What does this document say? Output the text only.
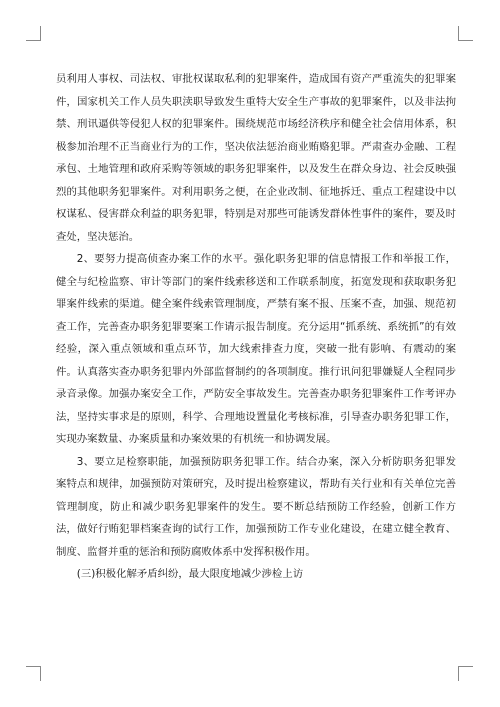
员利用人事权、司法权、审批权谋取私利的犯罪案件，造成国有资产严重流失的犯罪案件，国家机关工作人员失职渎职导致发生重特大安全生产事故的犯罪案件，以及非法拘禁、刑讯逼供等侵犯人权的犯罪案件。围绕规范市场经济秩序和健全社会信用体系，积极参加治理不正当商业行为的工作，坚决依法惩治商业贿赂犯罪。严肃查办金融、工程承包、土地管理和政府采购等领域的职务犯罪案件，以及发生在群众身边、社会反映强烈的其他职务犯罪案件。对利用职务之便，在企业改制、征地拆迁、重点工程建设中以权谋私、侵害群众利益的职务犯罪，特别是对那些可能诱发群体性事件的案件，要及时查处，坚决惩治。

2、要努力提高侦查办案工作的水平。强化职务犯罪的信息情报工作和举报工作，健全与纪检监察、审计等部门的案件线索移送和工作联系制度，拓宽发现和获取职务犯罪案件线索的渠道。健全案件线索管理制度，严禁有案不报、压案不查，加强、规范初查工作，完善查办职务犯罪要案工作请示报告制度。充分运用“抓系统、系统抓”的有效经验，深入重点领域和重点环节，加大线索排查力度，突破一批有影响、有震动的案件。认真落实查办职务犯罪内外部监督制约的各项制度。推行讯问犯罪嫌疑人全程同步录音录像。加强办案安全工作，严防安全事故发生。完善查办职务犯罪案件工作考评办法，坚持实事求是的原则，科学、合理地设置量化考核标准，引导查办职务犯罪工作，实现办案数量、办案质量和办案效果的有机统一和协调发展。

3、要立足检察职能，加强预防职务犯罪工作。结合办案，深入分析防职务犯罪发案特点和规律，加强预防对策研究，及时提出检察建议，帮助有关行业和有关单位完善管理制度，防止和减少职务犯罪案件的发生。要不断总结预防工作经验，创新工作方法，做好行贿犯罪档案查询的试行工作，加强预防工作专业化建设，在建立健全教育、制度、监督并重的惩治和预防腐败体系中发挥积极作用。

(三)积极化解矛盾纠纷，最大限度地减少涉检上访
